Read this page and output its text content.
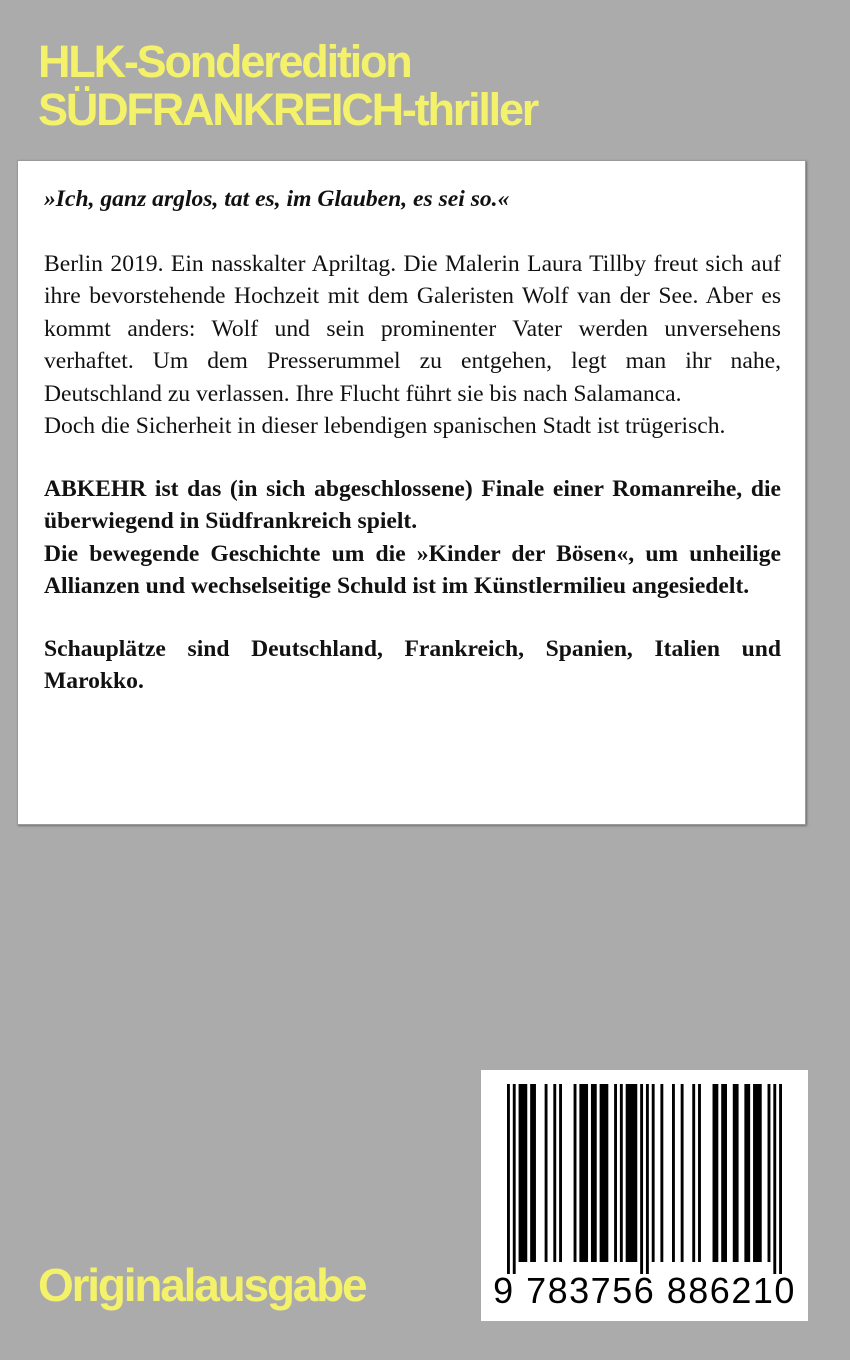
HLK-Sonderedition
SÜDFRANKREICH-thriller

»Ich, ganz arglos, tat es, im Glauben, es sei so.«

Berlin 2019. Ein nasskalter Apriltag. Die Malerin Laura Tillby freut sich auf ihre bevorstehende Hochzeit mit dem Galeristen Wolf van der See. Aber es kommt anders: Wolf und sein prominenter Vater werden unversehens verhaftet. Um dem Presserummel zu entgehen, legt man ihr nahe, Deutschland zu verlassen. Ihre Flucht führt sie bis nach Salamanca.

Doch die Sicherheit in dieser lebendigen spanischen Stadt ist trügerisch.

ABKEHR ist das (in sich abgeschlossene) Finale einer Romanreihe, die überwiegend in Südfrankreich spielt.

Die bewegende Geschichte um die »Kinder der Bösen«, um unheilige Allianzen und wechselseitige Schuld ist im Künstlermilieu angesiedelt.

Schauplätze sind Deutschland, Frankreich, Spanien, Italien und Marokko.

Originalausgabe	9 783756 886210
